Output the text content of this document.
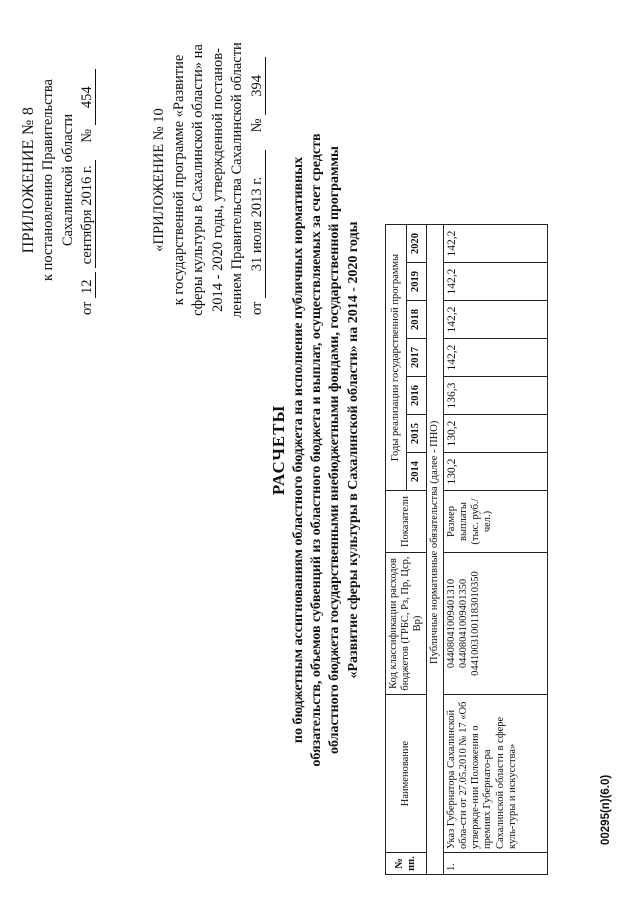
ПРИЛОЖЕНИЕ № 8 к постановлению Правительства Сахалинской области
от 12 сентября 2016 г. № 454
«ПРИЛОЖЕНИЕ № 10 к государственной программе «Развитие сферы культуры в Сахалинской области» на 2014 - 2020 годы, утвержденной постанов- лением Правительства Сахалинской области от 31 июля 2013 г. № 394
РАСЧЕТЫ по бюджетным ассигнованиям областного бюджета на исполнение публичных нормативных обязательств, объемов субвенций из областного бюджета и выплат, осуществляемых за счет средств областного бюджета государственными внебюджетными фондами, государственной программы «Развитие сферы культуры в Сахалинской области» на 2014 - 2020 годы
№ пп.	Наименование	Код классификации расходов бюджетов (ГРБС, Рз, Пр, Цср, Вр)	Показатели	Годы реализации государственной программы						
				2014	2015	2016	2017	2018	2019	2020
Публичные нормативные обязательства (далее - ПНО)										
1.	Указ Губернатора Сахалинской обла-сти от 27.05.2010 № 17 «Об утвержде-нии Положения о премиях Губернато-ра Сахалинской области в сфере куль-туры и искусства»	04408041009401310 04408041009401350 04410031001183010350	Размер выплаты (тыс. руб./чел.)	130,2	130,2	136,3	142,2	142,2	142,2	142,2
00295(п)(6.0)
